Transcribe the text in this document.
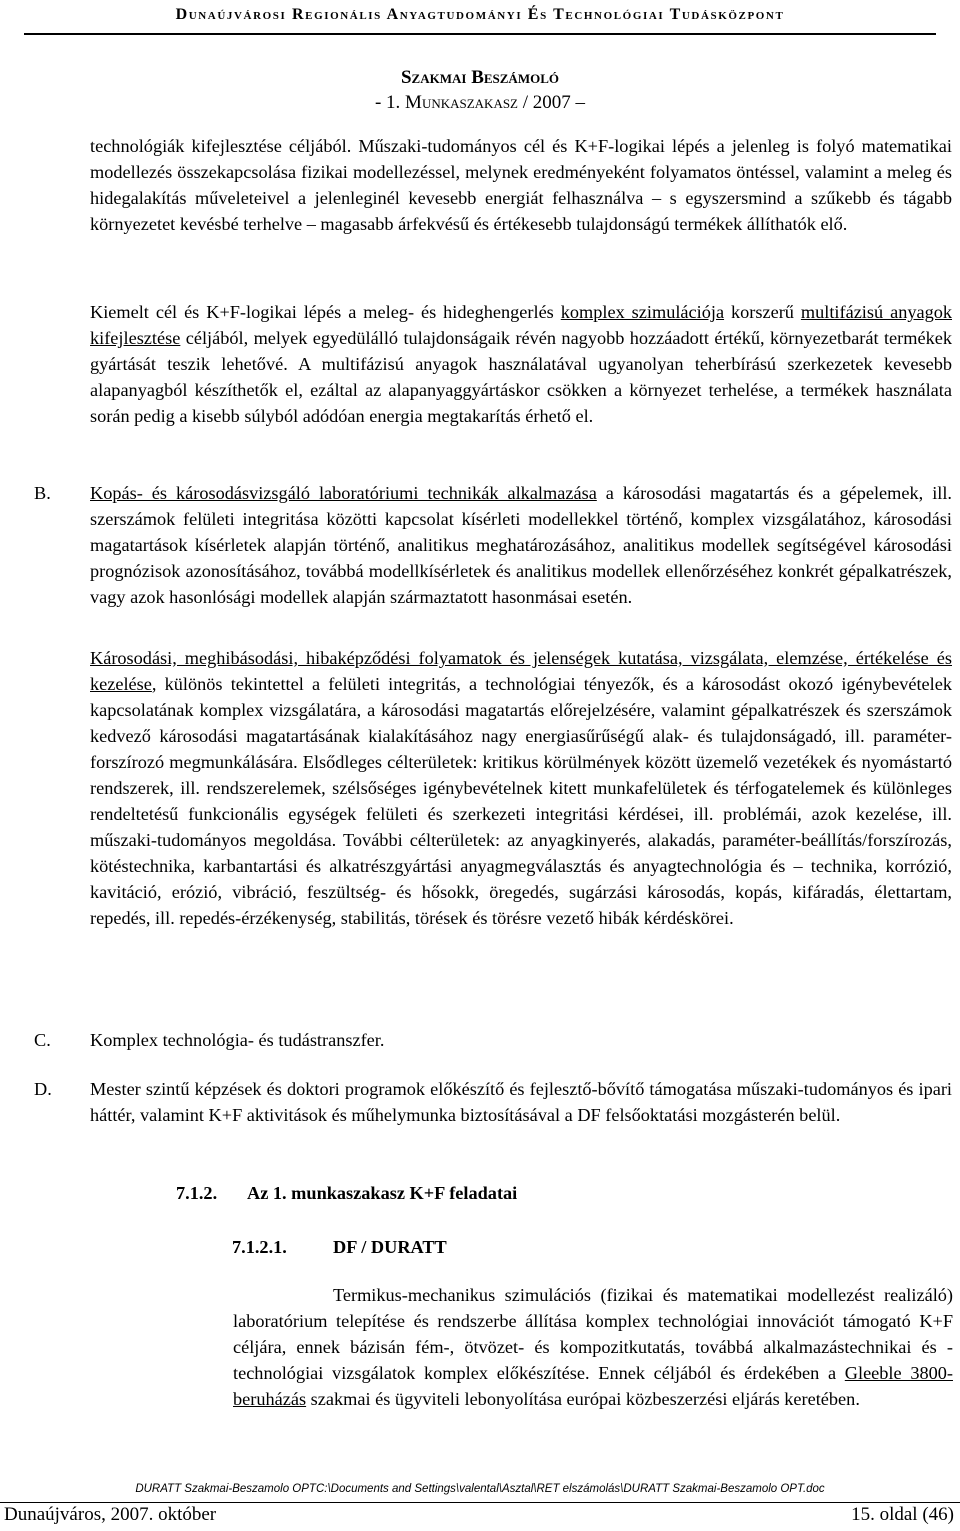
Dunaújvárosi Regionális Anyagtudományi És Technológiai Tudásközpont
Szakmai Beszámoló
- 1. Munkaszakasz / 2007 –
technológiák kifejlesztése céljából. Műszaki-tudományos cél és K+F-logikai lépés a jelenleg is folyó matematikai modellezés összekapcsolása fizikai modellezéssel, melynek eredményeként folyamatos öntéssel, valamint a meleg és hidegalakítás műveleteivel a jelenleginél kevesebb energiát felhasználva – s egyszersmind a szűkebb és tágabb környezetet kevésbé terhelve – magasabb árfekvésű és értékesebb tulajdonságú termékek állíthatók elő.
Kiemelt cél és K+F-logikai lépés a meleg- és hideghengerlés komplex szimulációja korszerű multifázisú anyagok kifejlesztése céljából, melyek egyedülálló tulajdonságaik révén nagyobb hozzáadott értékű, környezetbarát termékek gyártását teszik lehetővé. A multifázisú anyagok használatával ugyanolyan teherbírású szerkezetek kevesebb alapanyagból készíthetők el, ezáltal az alapanyaggyártáskor csökken a környezet terhelése, a termékek használata során pedig a kisebb súlyból adódóan energia megtakarítás érhető el.
B. Kopás- és károsodásvizsgáló laboratóriumi technikák alkalmazása a károsodási magatartás és a gépelemek, ill. szerszámok felületi integritása közötti kapcsolat kísérleti modellekkel történő, komplex vizsgálatához, károsodási magatartások kísérletek alapján történő, analitikus meghatározásához, analitikus modellek segítségével károsodási prognózisok azonosításához, továbbá modellkísérletek és analitikus modellek ellenőrzéséhez konkrét gépalkatrészek, vagy azok hasonlósági modellek alapján származtatott hasonmásai esetén.
Károsodási, meghibásodási, hibaképződési folyamatok és jelenségek kutatása, vizsgálata, elemzése, értékelése és kezelése, különös tekintettel a felületi integritás, a technológiai tényezők, és a károsodást okozó igénybevételek kapcsolatának komplex vizsgálatára, a károsodási magatartás előrejelzésére, valamint gépalkatrészek és szerszámok kedvező károsodási magatartásának kialakításához nagy energiasűrűségű alak- és tulajdonságadó, ill. paraméter-forszírozó megmunkálására. Elsődleges célterületek: kritikus körülmények között üzemelő vezetékek és nyomástartó rendszerek, ill. rendszerelemek, szélsőséges igénybevételnek kitett munkafelületek és térfogatelemek és különleges rendeltetésű funkcionális egységek felületi és szerkezeti integritási kérdései, ill. problémái, azok kezelése, ill. műszaki-tudományos megoldása. További célterületek: az anyagkinyerés, alakadás, paraméter-beállítás/forszírozás, kötéstechnika, karbantartási és alkatrészgyártási anyagmegválasztás és anyagtechnológia és – technika, korrózió, kavitáció, erózió, vibráció, feszültség- és hősokk, öregedés, sugárzási károsodás, kopás, kifáradás, élettartam, repedés, ill. repedés-érzékenység, stabilitás, törések és törésre vezető hibák kérdéskörei.
C. Komplex technológia- és tudástranszfer.
D. Mester szintű képzések és doktori programok előkészítő és fejlesztő-bővítő támogatása műszaki-tudományos és ipari háttér, valamint K+F aktivitások és műhelymunka biztosításával a DF felsőoktatási mozgásterén belül.
7.1.2. Az 1. munkaszakasz K+F feladatai
7.1.2.1.	DF / DURATT
Termikus-mechanikus szimulációs (fizikai és matematikai modellezést realizáló) laboratórium telepítése és rendszerbe állítása komplex technológiai innovációt támogató K+F céljára, ennek bázisán fém-, ötvözet- és kompozitkutatás, továbbá alkalmazástechnikai és -technológiai vizsgálatok komplex előkészítése. Ennek céljából és érdekében a Gleeble 3800-beruházás szakmai és ügyviteli lebonyolítása európai közbeszerzési eljárás keretében.
DURATT Szakmai-Beszamolo OPTC:\Documents and Settings\valental\Asztal\RET elszámolás\DURATT Szakmai-Beszamolo OPT.doc
Dunaújváros, 2007. október	15. oldal (46)
